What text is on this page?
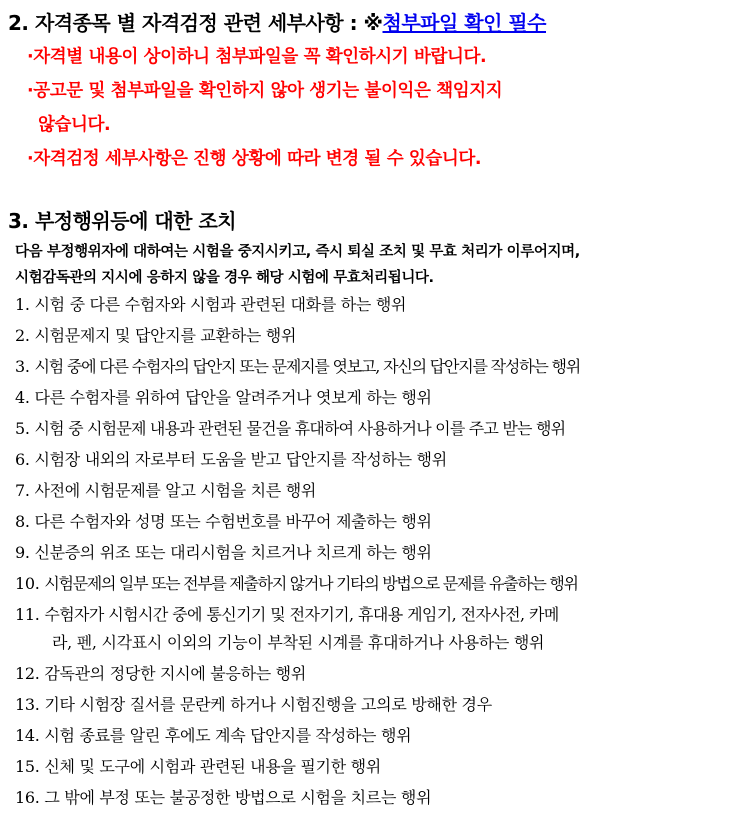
2. 자격종목 별 자격검정 관련 세부사항 : ※첨부파일 확인 필수
·자격별 내용이 상이하니 첨부파일을 꼭 확인하시기 바랍니다.
·공고문 및 첨부파일을 확인하지 않아 생기는 불이익은 책임지지
않습니다.
·자격검정 세부사항은 진행 상황에 따라 변경 될 수 있습니다.
3. 부정행위등에 대한 조치
다음 부정행위자에 대하여는 시험을 중지시키고, 즉시 퇴실 조치 및 무효 처리가 이루어지며,
시험감독관의 지시에 응하지 않을 경우 해당 시험에 무효처리됩니다.
1. 시험 중 다른 수험자와 시험과 관련된 대화를 하는 행위
2. 시험문제지 및 답안지를 교환하는 행위
3. 시험 중에 다른 수험자의 답안지 또는 문제지를 엿보고, 자신의 답안지를 작성하는 행위
4. 다른 수험자를 위하여 답안을 알려주거나 엿보게 하는 행위
5. 시험 중 시험문제 내용과 관련된 물건을 휴대하여 사용하거나 이를 주고 받는 행위
6. 시험장 내외의 자로부터 도움을 받고 답안지를 작성하는 행위
7. 사전에 시험문제를 알고 시험을 치른 행위
8. 다른 수험자와 성명 또는 수험번호를 바꾸어 제출하는 행위
9. 신분증의 위조 또는 대리시험을 치르거나 치르게 하는 행위
10. 시험문제의 일부 또는 전부를 제출하지 않거나 기타의 방법으로 문제를 유출하는 행위
11. 수험자가 시험시간 중에 통신기기 및 전자기기, 휴대용 게임기, 전자사전, 카메
라, 펜, 시각표시 이외의 기능이 부착된 시계를 휴대하거나 사용하는 행위
12. 감독관의 정당한 지시에 불응하는 행위
13. 기타 시험장 질서를 문란케 하거나 시험진행을 고의로 방해한 경우
14. 시험 종료를 알린 후에도 계속 답안지를 작성하는 행위
15. 신체 및 도구에 시험과 관련된 내용을 필기한 행위
16. 그 밖에 부정 또는 불공정한 방법으로 시험을 치르는 행위
